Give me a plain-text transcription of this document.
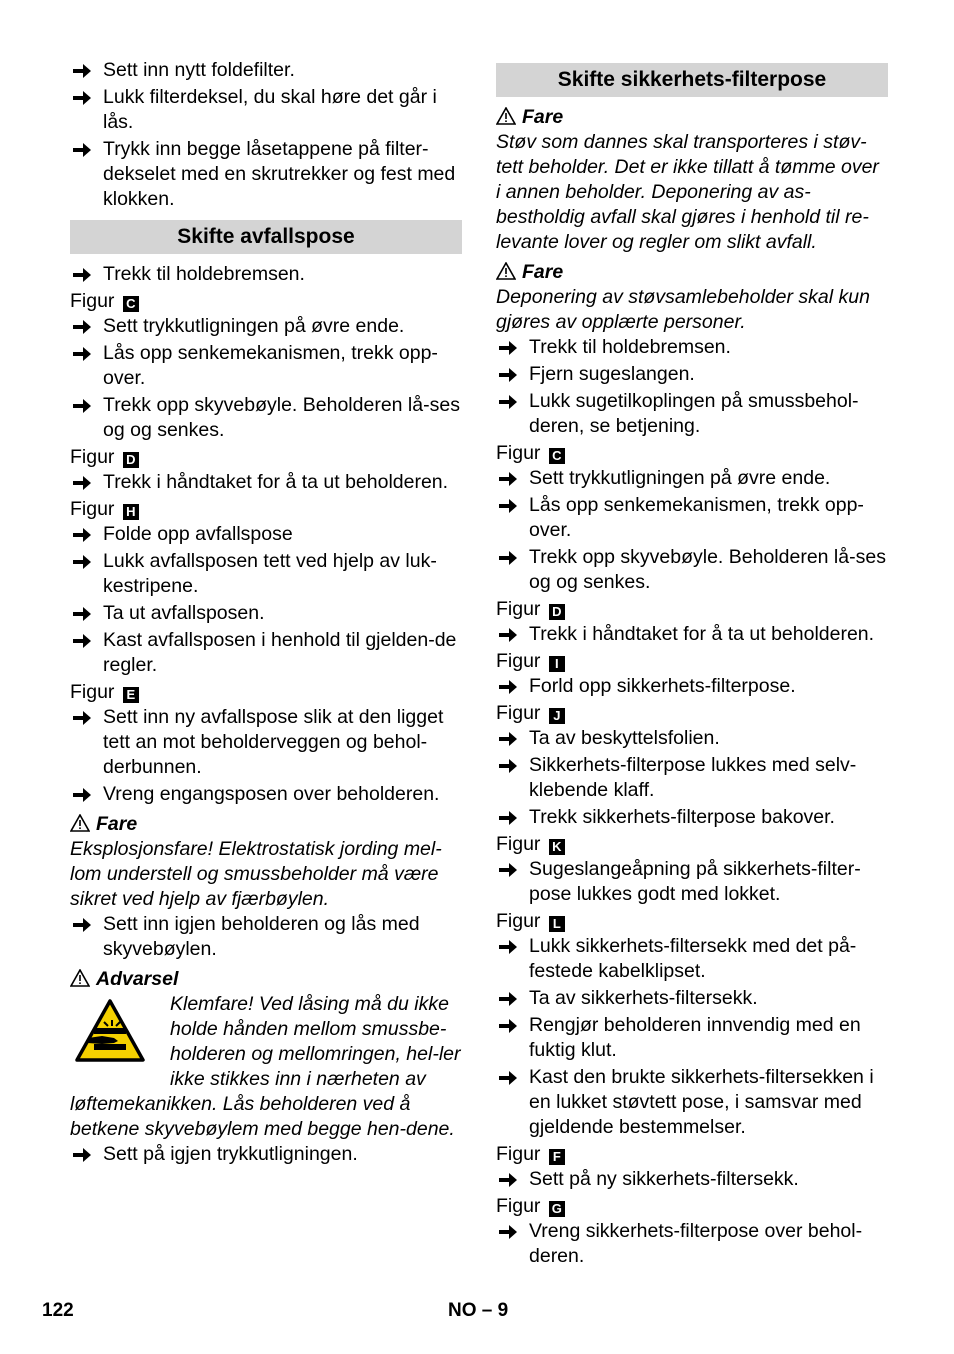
Sett inn nytt foldefilter.
Lukk filterdeksel, du skal høre det går i lås.
Trykk inn begge låsetappene på filter-dekselet med en skrutrekker og fest med klokken.
Skifte avfallspose
Trekk til holdebremsen.
Figur C
Sett trykkutligningen på øvre ende.
Lås opp senkemekanismen, trekk opp-over.
Trekk opp skyvebøyle. Beholderen lå-ses og og senkes.
Figur D
Trekk i håndtaket for å ta ut beholderen.
Figur H
Folde opp avfallspose
Lukk avfallsposen tett ved hjelp av luk-kestripene.
Ta ut avfallsposen.
Kast avfallsposen i henhold til gjelden-de regler.
Figur E
Sett inn ny avfallspose slik at den ligget tett an mot beholderveggen og behol-derbunnen.
Vreng engangsposen over beholderen.
Fare
Eksplosjonsfare! Elektrostatisk jording mel-lom understell og smussbeholder må være sikret ved hjelp av fjærbøylen.
Sett inn igjen beholderen og lås med skyvebøylen.
Advarsel
Klemfare! Ved låsing må du ikke holde hånden mellom smussbe-holderen og mellomringen, hel-ler ikke stikkes inn i nærheten av løftemekanikken. Lås beholderen ved å betkene skyvebøylem med begge hen-dene.
Sett på igjen trykkutligningen.
Skifte sikkerhets-filterpose
Fare
Støv som dannes skal transporteres i støv-tett beholder. Det er ikke tillatt å tømme over i annen beholder. Deponering av as-bestholdig avfall skal gjøres i henhold til re-levante lover og regler om slikt avfall.
Fare
Deponering av støvsamlebeholder skal kun gjøres av opplærte personer.
Trekk til holdebremsen.
Fjern sugeslangen.
Lukk sugetilkoplingen på smussbehol-deren, se betjening.
Figur C
Sett trykkutligningen på øvre ende.
Lås opp senkemekanismen, trekk opp-over.
Trekk opp skyvebøyle. Beholderen lå-ses og og senkes.
Figur D
Trekk i håndtaket for å ta ut beholderen.
Figur I
Forld opp sikkerhets-filterpose.
Figur J
Ta av beskyttelsfolien.
Sikkerhets-filterpose lukkes med selv-klebende klaff.
Trekk sikkerhets-filterpose bakover.
Figur K
Sugeslangeåpning på sikkerhets-filter-pose lukkes godt med lokket.
Figur L
Lukk sikkerhets-filtersekk med det på-festede kabelklipset.
Ta av sikkerhets-filtersekk.
Rengjør beholderen innvendig med en fuktig klut.
Kast den brukte sikkerhets-filtersekken i en lukket støvtett pose, i samsvar med gjeldende bestemmelser.
Figur F
Sett på ny sikkerhets-filtersekk.
Figur G
Vreng sikkerhets-filterpose over behol-deren.
122	NO – 9
